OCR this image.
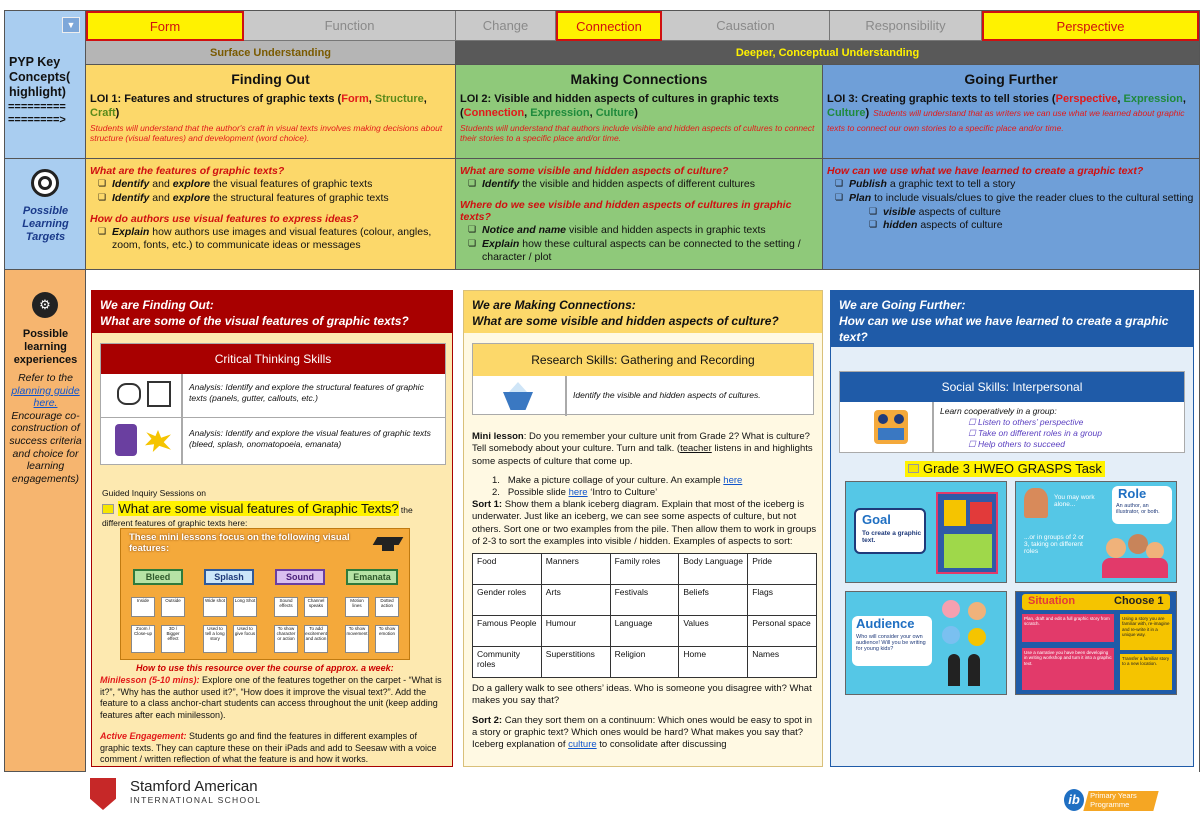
▼
PYP Key Concepts( highlight)
=========
========>
Possible Learning Targets
⚙
Possible learning experiences
Refer to the planning guide here. Encourage co-construction of success criteria and choice for learning engagements)
Form	Function	Change	Connection	Causation	Responsibility	Perspective
Surface Understanding	Deeper, Conceptual Understanding
Finding Out
LOI 1: Features and structures of graphic texts (Form, Structure, Craft)
Students will understand that the author's craft in visual texts involves making decisions about structure (visual features) and development (word choice).
Making Connections
LOI 2: Visible and hidden aspects of cultures in graphic texts (Connection, Expression, Culture)
Students will understand that authors include visible and hidden aspects of cultures to connect their stories to a specific place and/or time.
Going Further
LOI 3: Creating graphic texts to tell stories (Perspective, Expression, Culture) Students will understand that as writers we can use what we learned about graphic texts to connect our own stories to a specific place and/or time.
What are the features of graphic texts?
❏ Identify and explore the visual features of graphic texts
❏ Identify and explore the structural features of graphic texts
How do authors use visual features to express ideas?
❏ Explain how authors use images and visual features (colour, angles, zoom, fonts, etc.) to communicate ideas or messages
What are some visible and hidden aspects of culture?
❏ Identify the visible and hidden aspects of different cultures
Where do we see visible and hidden aspects of cultures in graphic texts?
❏ Notice and name visible and hidden aspects in graphic texts
❏ Explain how these cultural aspects can be connected to the setting / character / plot
How can we use what we have learned to create a graphic text?
❏ Publish a graphic text to tell a story
❏ Plan to include visuals/clues to give the reader clues to the cultural setting
❏ visible aspects of culture
❏ hidden aspects of culture
We are Finding Out:
What are some of the visual features of graphic texts?
Critical Thinking Skills
Analysis: Identify and explore the structural features of graphic texts (panels, gutter, callouts, etc.)
Analysis: Identify and explore the visual features of graphic texts (bleed, splash, onomatopoeia, emanata)
Guided Inquiry Sessions on
What are some visual features of Graphic Texts? the
different features of graphic texts here:
These mini lessons focus on the following visual features:
Bleed	Splash	Sound	Emanata
Inside	Outside	Wide shot	Long Shot	Sound effects
Channel speaks
Motion lines
Dotted action
Zoom / Close-up
3D / Bigger effect
Used to tell a long story
Used to give focus
To show character or action
To add excitement and action
To show movement
To show emotion
How to use this resource over the course of approx. a week:
Minilesson (5-10 mins): Explore one of the features together on the carpet - “What is it?”, “Why has the author used it?”, “How does it improve the visual text?”. Add the feature to a class anchor-chart students can access throughout the unit (keep adding features after each minilesson).
Active Engagement: Students go and find the features in different examples of graphic texts. They can capture these on their iPads and add to Seesaw with a voice comment / written reflection of what the feature is and how it works.
We are Making Connections:
What are some visible and hidden aspects of culture?
Research Skills: Gathering and Recording
Identify the visible and hidden aspects of cultures.
Mini lesson: Do you remember your culture unit from Grade 2? What is culture? Tell somebody about your culture. Turn and talk. (teacher listens in and highlights some aspects of culture that come up.
1.   Make a picture collage of your culture. An example here
2.   Possible slide here ‘Intro to Culture’
Sort 1: Show them a blank iceberg diagram. Explain that most of the iceberg is underwater. Just like an iceberg, we can see some aspects of culture, but not others. Sort one or two examples from the pile. Then allow them to work in groups of 2-3 to sort the examples into visible / hidden. Examples of aspects to sort:
Food	Manners	Family roles	Body Language	Pride
Gender roles	Arts	Festivals	Beliefs	Flags
Famous People	Humour	Language	Values	Personal space
Community roles	Superstitions	Religion	Home	Names
Do a gallery walk to see others’ ideas. Who is someone you disagree with? What makes you say that?
Sort 2: Can they sort them on a continuum: Which ones would be easy to spot in a story or graphic text? Which ones would be hard? What makes you say that?
Iceberg explanation of culture to consolidate after discussing
We are Going Further:
How can we use what we have learned to create a graphic text?
Social Skills: Interpersonal
Learn cooperatively in a group:
☐ Listen to others’ perspective
☐ Take on different roles in a group
☐ Help others to succeed
Grade 3 HWEO GRASPS Task
Goal
To create a graphic text.
You may work alone...
Role
An author, an illustrator, or both.
...or in groups of 2 or 3, taking on different roles
Audience
Who will consider your own audience! Will you be writing for young kids?
Situation	Choose 1
Plan, draft and edit a full graphic story from scratch.
Use a narrative you have been developing in writing workshop and turn it into a graphic text.
Using a story you are familiar with, re-imagine and re-write it in a unique way.
Transfer a familiar story to a new location.
Stamford American
INTERNATIONAL SCHOOL	ib	Primary Years
Programme
